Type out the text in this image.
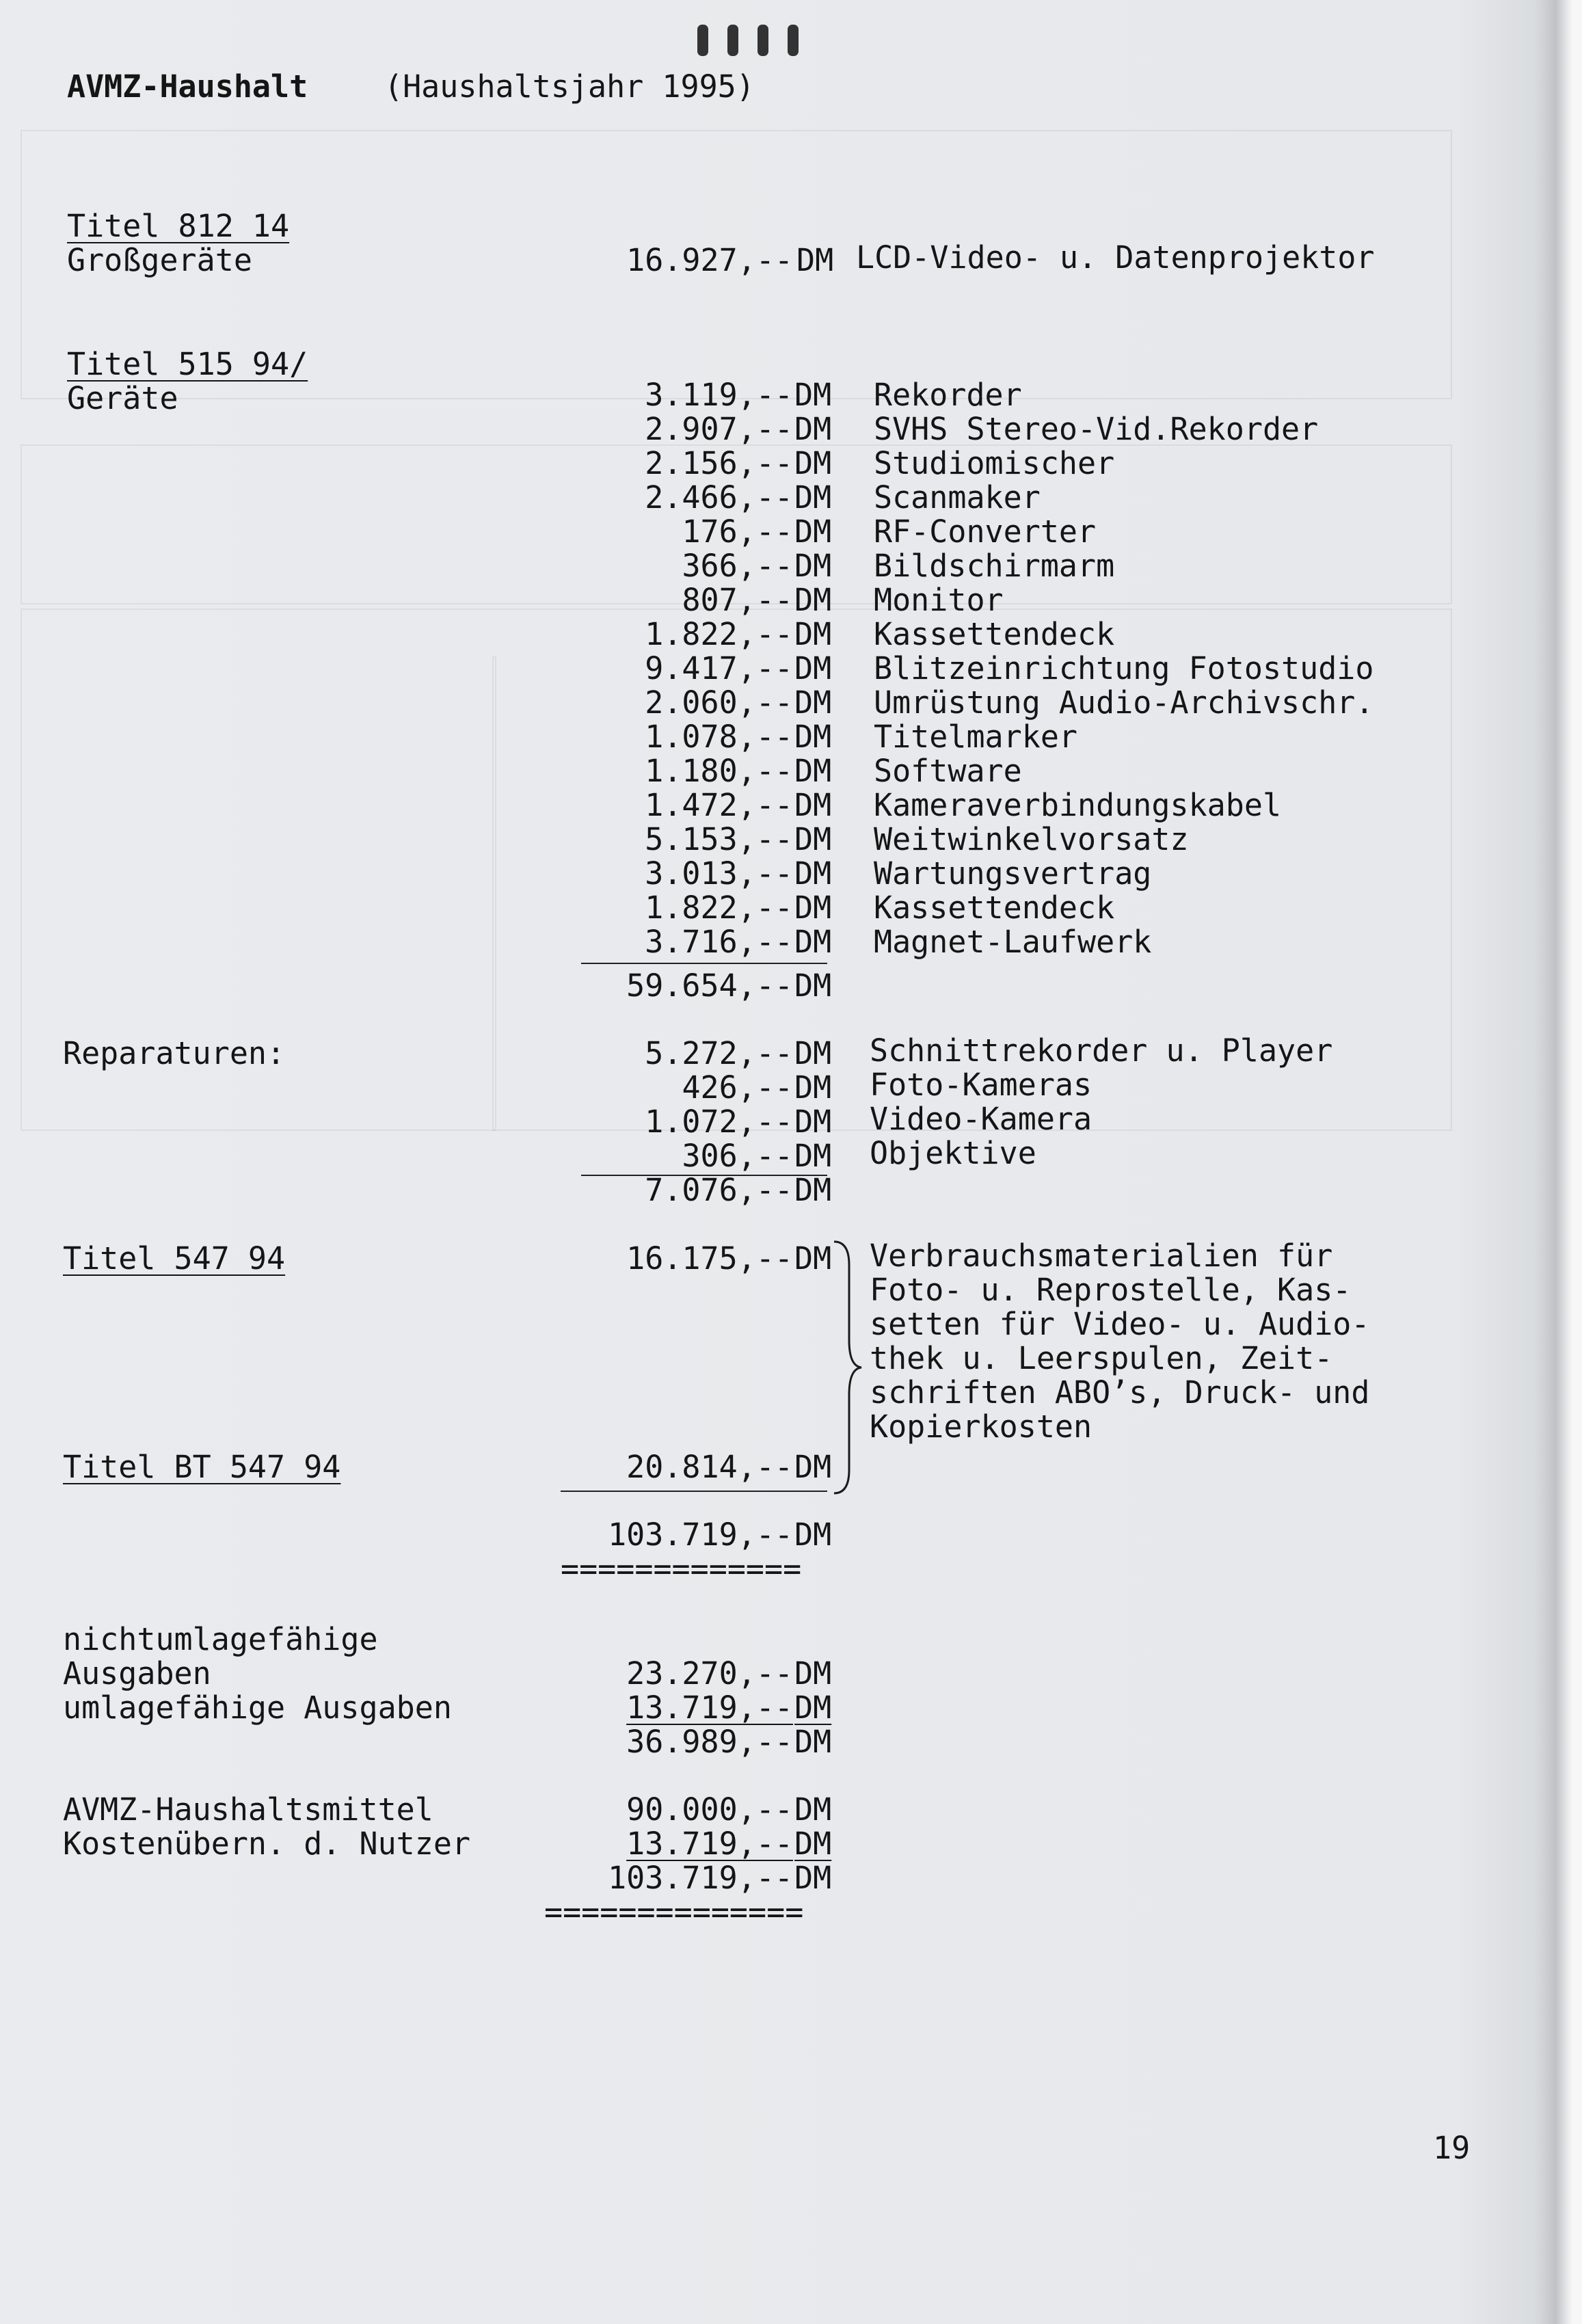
AVMZ-Haushalt (Haushaltsjahr 1995)
Titel 812 14
Großgeräte	16.927,-- DM LCD-Video- u. Datenprojektor
Titel 515 94/
Geräte	3.119,-- DM Rekorder
2.907,-- DM SVHS Stereo-Vid.Rekorder
2.156,-- DM Studiomischer
2.466,-- DM Scanmaker
176,-- DM RF-Converter
366,-- DM Bildschirmarm
807,-- DM Monitor
1.822,-- DM Kassettendeck
9.417,-- DM Blitzeinrichtung Fotostudio
2.060,-- DM Umrüstung Audio-Archivschr.
1.078,-- DM Titelmarker
1.180,-- DM Software
1.472,-- DM Kameraverbindungskabel
5.153,-- DM Weitwinkelvorsatz
3.013,-- DM Wartungsvertrag
1.822,-- DM Kassettendeck
3.716,-- DM Magnet-Laufwerk
59.654,-- DM
Reparaturen:	5.272,-- DM Schnittrekorder u. Player
426,-- DM Foto-Kameras
1.072,-- DM Video-Kamera
306,-- DM Objektive
7.076,-- DM
Titel 547 94	16.175,-- DM Verbrauchsmaterialien für
Foto- u. Reprostelle, Kas-
setten für Video- u. Audio-
thek u. Leerspulen, Zeit-
schriften ABO’s, Druck- und
Kopierkosten
Titel BT 547 94	20.814,-- DM
103.719,-- DM
=============
nichtumlagefähige
Ausgaben	23.270,-- DM
umlagefähige Ausgaben	13.719,-- DM
36.989,-- DM
AVMZ-Haushaltsmittel	90.000,-- DM
Kostenübern. d. Nutzer	13.719,-- DM
103.719,-- DM
==============
19
